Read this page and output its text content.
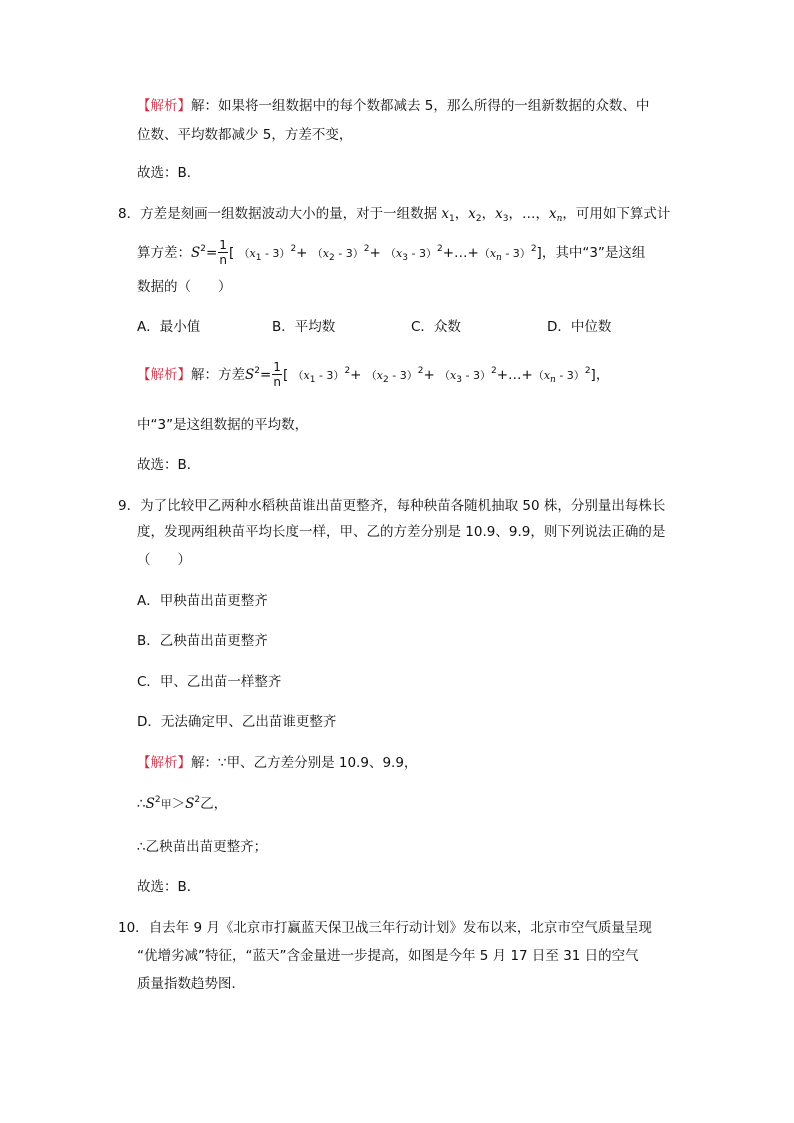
【解析】解：如果将一组数据中的每个数都减去 5，那么所得的一组新数据的众数、中
位数、平均数都减少 5，方差不变，
故选：B．
8．方差是刻画一组数据波动大小的量，对于一组数据 $x_1$，$x_2$，$x_3$，…，$x_n$，可用如下算式计
算方差：$S^2= \frac{1}{n}$ [ $(x_1 - 3)^2+ (x_2 - 3)^2+ (x_3$ - $3)^2+\dots+(x_n - 3)^2$]，其中“3”是这组
数据的（　　）
A．最小值	B．平均数	C．众数	D．中位数
【解析】解：方差$S^2= \frac{1}{n}$ [ $(x_1 - 3)^2+ (x_2 - 3)^2+ (x_3$ - $3)^2+\dots+(x_n - 3)^2$]，
中“3”是这组数据的平均数，
故选：B．
9．为了比较甲乙两种水稻秧苗谁出苗更整齐，每种秧苗各随机抽取 50 株，分别量出每株长
度，发现两组秧苗平均长度一样，甲、乙的方差分别是 10.9、9.9，则下列说法正确的是
（　　）
A．甲秧苗出苗更整齐
B．乙秧苗出苗更整齐
C．甲、乙出苗一样整齐
D．无法确定甲、乙出苗谁更整齐
【解析】解：∵甲、乙方差分别是 10.9、9.9，
$\therefore S^2$甲$>S^2$乙，
∴乙秧苗出苗更整齐；
故选：B．
10．自去年 9 月《北京市打赢蓝天保卫战三年行动计划》发布以来，北京市空气质量呈现
“优增劣减”特征，“蓝天”含金量进一步提高，如图是今年 5 月 17 日至 31 日的空气
质量指数趋势图．
